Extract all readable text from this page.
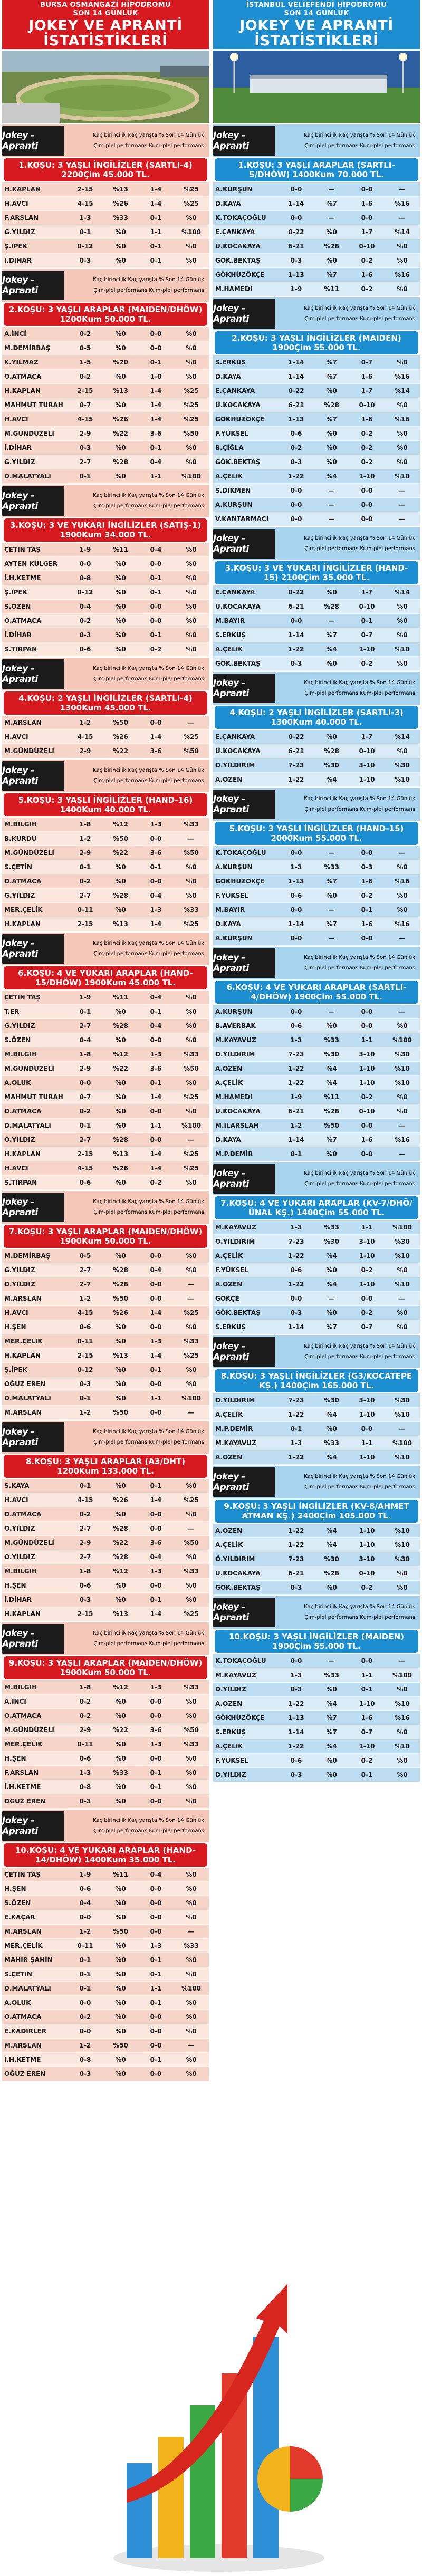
BURSA OSMANGAZİ HİPODROMU
SON 14 GÜNLÜK
JOKEY VE APRANTİ
İSTATİSTİKLERİ
Jokey - Apranti
Kaç birincilik Kaç yarışta % Son 14 Günlük
Çim-plel performans Kum-plel performans
1.KOŞU: 3 YAŞLI İNGİLİZLER (SARTLI-4) 2200Çim 45.000 TL.
H.KAPLAN	2-15	%13	1-4	%25
H.AVCI	4-15	%26	1-4	%25
F.ARSLAN	1-3	%33	0-1	%0
G.YILDIZ	0-1	%0	1-1	%100
Ş.İPEK	0-12	%0	0-1	%0
İ.DİHAR	0-3	%0	0-1	%0
Jokey - Apranti
Kaç birincilik Kaç yarışta % Son 14 Günlük
Çim-plel performans Kum-plel performans
2.KOŞU: 3 YAŞLI ARAPLAR (MAIDEN/DHÖW) 1200Kum 50.000 TL.
A.İNCİ	0-2	%0	0-0	%0
M.DEMİRBAŞ	0-5	%0	0-0	%0
K.YILMAZ	1-5	%20	0-1	%0
O.ATMACA	0-2	%0	1-0	%0
H.KAPLAN	2-15	%13	1-4	%25
MAHMUT TURAH	0-7	%0	1-4	%25
H.AVCI	4-15	%26	1-4	%25
M.GÜNDÜZELİ	2-9	%22	3-6	%50
İ.DİHAR	0-3	%0	0-1	%0
G.YILDIZ	2-7	%28	0-4	%0
D.MALATYALI	0-1	%0	1-1	%100
Jokey - Apranti
Kaç birincilik Kaç yarışta % Son 14 Günlük
Çim-plel performans Kum-plel performans
3.KOŞU: 3 VE YUKARI İNGİLİZLER (SATIŞ-1) 1900Kum 34.000 TL.
ÇETİN TAŞ	1-9	%11	0-4	%0
AYTEN KÜLGER	0-0	%0	0-0	%0
İ.H.KETME	0-8	%0	0-1	%0
Ş.İPEK	0-12	%0	0-1	%0
S.ÖZEN	0-4	%0	0-0	%0
O.ATMACA	0-2	%0	0-0	%0
İ.DİHAR	0-3	%0	0-1	%0
S.TIRPAN	0-6	%0	0-2	%0
Jokey - Apranti
Kaç birincilik Kaç yarışta % Son 14 Günlük
Çim-plel performans Kum-plel performans
4.KOŞU: 2 YAŞLI İNGİLİZLER (SARTLI-4) 1300Kum 45.000 TL.
M.ARSLAN	1-2	%50	0-0	—
H.AVCI	4-15	%26	1-4	%25
M.GÜNDÜZELİ	2-9	%22	3-6	%50
Jokey - Apranti
Kaç birincilik Kaç yarışta % Son 14 Günlük
Çim-plel performans Kum-plel performans
5.KOŞU: 3 YAŞLI İNGİLİZLER (HAND-16) 1400Kum 40.000 TL.
M.BİLGİH	1-8	%12	1-3	%33
B.KURDU	1-2	%50	0-0	—
M.GÜNDÜZELİ	2-9	%22	3-6	%50
S.ÇETİN	0-1	%0	0-1	%0
O.ATMACA	0-2	%0	0-0	%0
G.YILDIZ	2-7	%28	0-4	%0
MER.ÇELİK	0-11	%0	1-3	%33
H.KAPLAN	2-15	%13	1-4	%25
Jokey - Apranti
Kaç birincilik Kaç yarışta % Son 14 Günlük
Çim-plel performans Kum-plel performans
6.KOŞU: 4 VE YUKARI ARAPLAR (HAND-15/DHÖW) 1900Kum 45.000 TL.
ÇETİN TAŞ	1-9	%11	0-4	%0
T.ER	0-1	%0	0-1	%0
G.YILDIZ	2-7	%28	0-4	%0
S.ÖZEN	0-4	%0	0-0	%0
M.BİLGİH	1-8	%12	1-3	%33
M.GÜNDÜZELİ	2-9	%22	3-6	%50
A.OLUK	0-0	%0	0-1	%0
MAHMUT TURAH	0-7	%0	1-4	%25
O.ATMACA	0-2	%0	0-0	%0
D.MALATYALI	0-1	%0	1-1	%100
O.YILDIZ	2-7	%28	0-0	—
H.KAPLAN	2-15	%13	1-4	%25
H.AVCI	4-15	%26	1-4	%25
S.TIRPAN	0-6	%0	0-2	%0
Jokey - Apranti
Kaç birincilik Kaç yarışta % Son 14 Günlük
Çim-plel performans Kum-plel performans
7.KOŞU: 3 YAŞLI ARAPLAR (MAIDEN/DHÖW) 1900Kum 50.000 TL.
M.DEMİRBAŞ	0-5	%0	0-0	%0
G.YILDIZ	2-7	%28	0-4	%0
O.YILDIZ	2-7	%28	0-0	—
M.ARSLAN	1-2	%50	0-0	—
H.AVCI	4-15	%26	1-4	%25
H.ŞEN	0-6	%0	0-0	%0
MER.ÇELİK	0-11	%0	1-3	%33
H.KAPLAN	2-15	%13	1-4	%25
Ş.İPEK	0-12	%0	0-1	%0
OĞUZ EREN	0-3	%0	0-0	%0
D.MALATYALI	0-1	%0	1-1	%100
M.ARSLAN	1-2	%50	0-0	—
Jokey - Apranti
Kaç birincilik Kaç yarışta % Son 14 Günlük
Çim-plel performans Kum-plel performans
8.KOŞU: 3 YAŞLI ARAPLAR (A3/DHT) 1200Kum 133.000 TL.
S.KAYA	0-1	%0	0-1	%0
H.AVCI	4-15	%26	1-4	%25
O.ATMACA	0-2	%0	0-0	%0
O.YILDIZ	2-7	%28	0-0	—
M.GÜNDÜZELİ	2-9	%22	3-6	%50
O.YILDIZ	2-7	%28	0-4	%0
M.BİLGİH	1-8	%12	1-3	%33
H.ŞEN	0-6	%0	0-0	%0
İ.DİHAR	0-3	%0	0-1	%0
H.KAPLAN	2-15	%13	1-4	%25
Jokey - Apranti
Kaç birincilik Kaç yarışta % Son 14 Günlük
Çim-plel performans Kum-plel performans
9.KOŞU: 3 YAŞLI ARAPLAR (MAIDEN/DHÖW) 1900Kum 50.000 TL.
M.BİLGİH	1-8	%12	1-3	%33
A.İNCİ	0-2	%0	0-0	%0
O.ATMACA	0-2	%0	0-0	%0
M.GÜNDÜZELİ	2-9	%22	3-6	%50
MER.ÇELİK	0-11	%0	1-3	%33
H.ŞEN	0-6	%0	0-0	%0
F.ARSLAN	1-3	%33	0-1	%0
İ.H.KETME	0-8	%0	0-1	%0
OĞUZ EREN	0-3	%0	0-0	%0
Jokey - Apranti
Kaç birincilik Kaç yarışta % Son 14 Günlük
Çim-plel performans Kum-plel performans
10.KOŞU: 4 VE YUKARI ARAPLAR (HAND-14/DHÖW) 1400Kum 35.000 TL.
ÇETİN TAŞ	1-9	%11	0-4	%0
H.ŞEN	0-6	%0	0-0	%0
S.ÖZEN	0-4	%0	0-0	%0
E.KAÇAR	0-0	%0	0-0	%0
M.ARSLAN	1-2	%50	0-0	—
MER.ÇELİK	0-11	%0	1-3	%33
MAHİR ŞAHİN	0-1	%0	0-1	%0
S.ÇETİN	0-1	%0	0-1	%0
D.MALATYALI	0-1	%0	1-1	%100
A.OLUK	0-0	%0	0-1	%0
O.ATMACA	0-2	%0	0-0	%0
E.KADİRLER	0-0	%0	0-0	%0
M.ARSLAN	1-2	%50	0-0	—
İ.H.KETME	0-8	%0	0-1	%0
OĞUZ EREN	0-3	%0	0-0	%0
İSTANBUL VELİEFENDİ HİPODROMU
SON 14 GÜNLÜK
JOKEY VE APRANTİ
İSTATİSTİKLERİ
Jokey - Apranti
Kaç birincilik Kaç yarışta % Son 14 Günlük
Çim-plel performans Kum-plel performans
1.KOŞU: 3 YAŞLI ARAPLAR (SARTLI-5/DHÖW) 1400Kum 70.000 TL.
A.KURŞUN	0-0	—	0-0	—
D.KAYA	1-14	%7	1-6	%16
K.TOKAÇOĞLU	0-0	—	0-0	—
E.ÇANKAYA	0-22	%0	1-7	%14
Ü.KOCAKAYA	6-21	%28	0-10	%0
GÖK.BEKTAŞ	0-3	%0	0-2	%0
GÖKHÜZÖKÇE	1-13	%7	1-6	%16
M.HAMEDI	1-9	%11	0-2	%0
Jokey - Apranti
Kaç birincilik Kaç yarışta % Son 14 Günlük
Çim-plel performans Kum-plel performans
2.KOŞU: 3 YAŞLI İNGİLİZLER (MAIDEN) 1900Çim 55.000 TL.
S.ERKUŞ	1-14	%7	0-7	%0
D.KAYA	1-14	%7	1-6	%16
E.ÇANKAYA	0-22	%0	1-7	%14
Ü.KOCAKAYA	6-21	%28	0-10	%0
GÖKHÜZÖKÇE	1-13	%7	1-6	%16
F.YÜKSEL	0-6	%0	0-2	%0
B.ÇİĞLA	0-2	%0	0-2	%0
GÖK.BEKTAŞ	0-3	%0	0-2	%0
A.ÇELİK	1-22	%4	1-10	%10
S.DİKMEN	0-0	—	0-0	—
A.KURŞUN	0-0	—	0-0	—
V.KANTARMACI	0-0	—	0-0	—
Jokey - Apranti
Kaç birincilik Kaç yarışta % Son 14 Günlük
Çim-plel performans Kum-plel performans
3.KOŞU: 3 VE YUKARI İNGİLİZLER (HAND-15) 2100Çim 35.000 TL.
E.ÇANKAYA	0-22	%0	1-7	%14
Ü.KOCAKAYA	6-21	%28	0-10	%0
M.BAYIR	0-0	—	0-1	%0
S.ERKUŞ	1-14	%7	0-7	%0
A.ÇELİK	1-22	%4	1-10	%10
GÖK.BEKTAŞ	0-3	%0	0-2	%0
Jokey - Apranti
Kaç birincilik Kaç yarışta % Son 14 Günlük
Çim-plel performans Kum-plel performans
4.KOŞU: 2 YAŞLI İNGİLİZLER (SARTLI-3) 1300Kum 40.000 TL.
E.ÇANKAYA	0-22	%0	1-7	%14
Ü.KOCAKAYA	6-21	%28	0-10	%0
Ö.YILDIRIM	7-23	%30	3-10	%30
A.ÖZEN	1-22	%4	1-10	%10
Jokey - Apranti
Kaç birincilik Kaç yarışta % Son 14 Günlük
Çim-plel performans Kum-plel performans
5.KOŞU: 3 YAŞLI İNGİLİZLER (HAND-15) 2000Kum 55.000 TL.
K.TOKAÇOĞLU	0-0	—	0-0	—
A.KURŞUN	1-3	%33	0-3	%0
GÖKHÜZÖKÇE	1-13	%7	1-6	%16
F.YÜKSEL	0-6	%0	0-2	%0
M.BAYIR	0-0	—	0-1	%0
D.KAYA	1-14	%7	1-6	%16
A.KURŞUN	0-0	—	0-0	—
Jokey - Apranti
Kaç birincilik Kaç yarışta % Son 14 Günlük
Çim-plel performans Kum-plel performans
6.KOŞU: 4 VE YUKARI ARAPLAR (SARTLI-4/DHÖW) 1900Çim 55.000 TL.
A.KURŞUN	0-0	—	0-0	—
B.AVERBAK	0-6	%0	0-0	%0
M.KAYAVUZ	1-3	%33	1-1	%100
Ö.YILDIRIM	7-23	%30	3-10	%30
A.ÖZEN	1-22	%4	1-10	%10
A.ÇELİK	1-22	%4	1-10	%10
M.HAMEDI	1-9	%11	0-2	%0
Ü.KOCAKAYA	6-21	%28	0-10	%0
M.ILARSLAH	1-2	%50	0-0	—
D.KAYA	1-14	%7	1-6	%16
M.P.DEMİR	0-1	%0	0-0	—
Jokey - Apranti
Kaç birincilik Kaç yarışta % Son 14 Günlük
Çim-plel performans Kum-plel performans
7.KOŞU: 4 VE YUKARI ARAPLAR (KV-7/DHÖ/ÜNAL KŞ.) 1400Çim 55.000 TL.
M.KAYAVUZ	1-3	%33	1-1	%100
Ö.YILDIRIM	7-23	%30	3-10	%30
A.ÇELİK	1-22	%4	1-10	%10
F.YÜKSEL	0-6	%0	0-2	%0
A.ÖZEN	1-22	%4	1-10	%10
GÖKÇE	0-0	—	0-0	—
GÖK.BEKTAŞ	0-3	%0	0-2	%0
S.ERKUŞ	1-14	%7	0-7	%0
Jokey - Apranti
Kaç birincilik Kaç yarışta % Son 14 Günlük
Çim-plel performans Kum-plel performans
8.KOŞU: 3 YAŞLI İNGİLİZLER (G3/KOCATEPE KŞ.) 1400Çim 165.000 TL.
Ö.YILDIRIM	7-23	%30	3-10	%30
A.ÇELİK	1-22	%4	1-10	%10
M.P.DEMİR	0-1	%0	0-0	—
M.KAYAVUZ	1-3	%33	1-1	%100
A.ÖZEN	1-22	%4	1-10	%10
Jokey - Apranti
Kaç birincilik Kaç yarışta % Son 14 Günlük
Çim-plel performans Kum-plel performans
9.KOŞU: 3 YAŞLI İNGİLİZLER (KV-8/AHMET ATMAN KŞ.) 2400Çim 105.000 TL.
A.ÖZEN	1-22	%4	1-10	%10
A.ÇELİK	1-22	%4	1-10	%10
Ö.YILDIRIM	7-23	%30	3-10	%30
Ü.KOCAKAYA	6-21	%28	0-10	%0
GÖK.BEKTAŞ	0-3	%0	0-2	%0
Jokey - Apranti
Kaç birincilik Kaç yarışta % Son 14 Günlük
Çim-plel performans Kum-plel performans
10.KOŞU: 3 YAŞLI İNGİLİZLER (MAIDEN) 1900Çim 55.000 TL.
K.TOKAÇOĞLU	0-0	—	0-0	—
M.KAYAVUZ	1-3	%33	1-1	%100
D.YILDIZ	0-3	%0	0-1	%0
A.ÖZEN	1-22	%4	1-10	%10
GÖKHÜZÖKÇE	1-13	%7	1-6	%16
S.ERKUŞ	1-14	%7	0-7	%0
A.ÇELİK	1-22	%4	1-10	%10
F.YÜKSEL	0-6	%0	0-2	%0
D.YILDIZ	0-3	%0	0-1	%0
